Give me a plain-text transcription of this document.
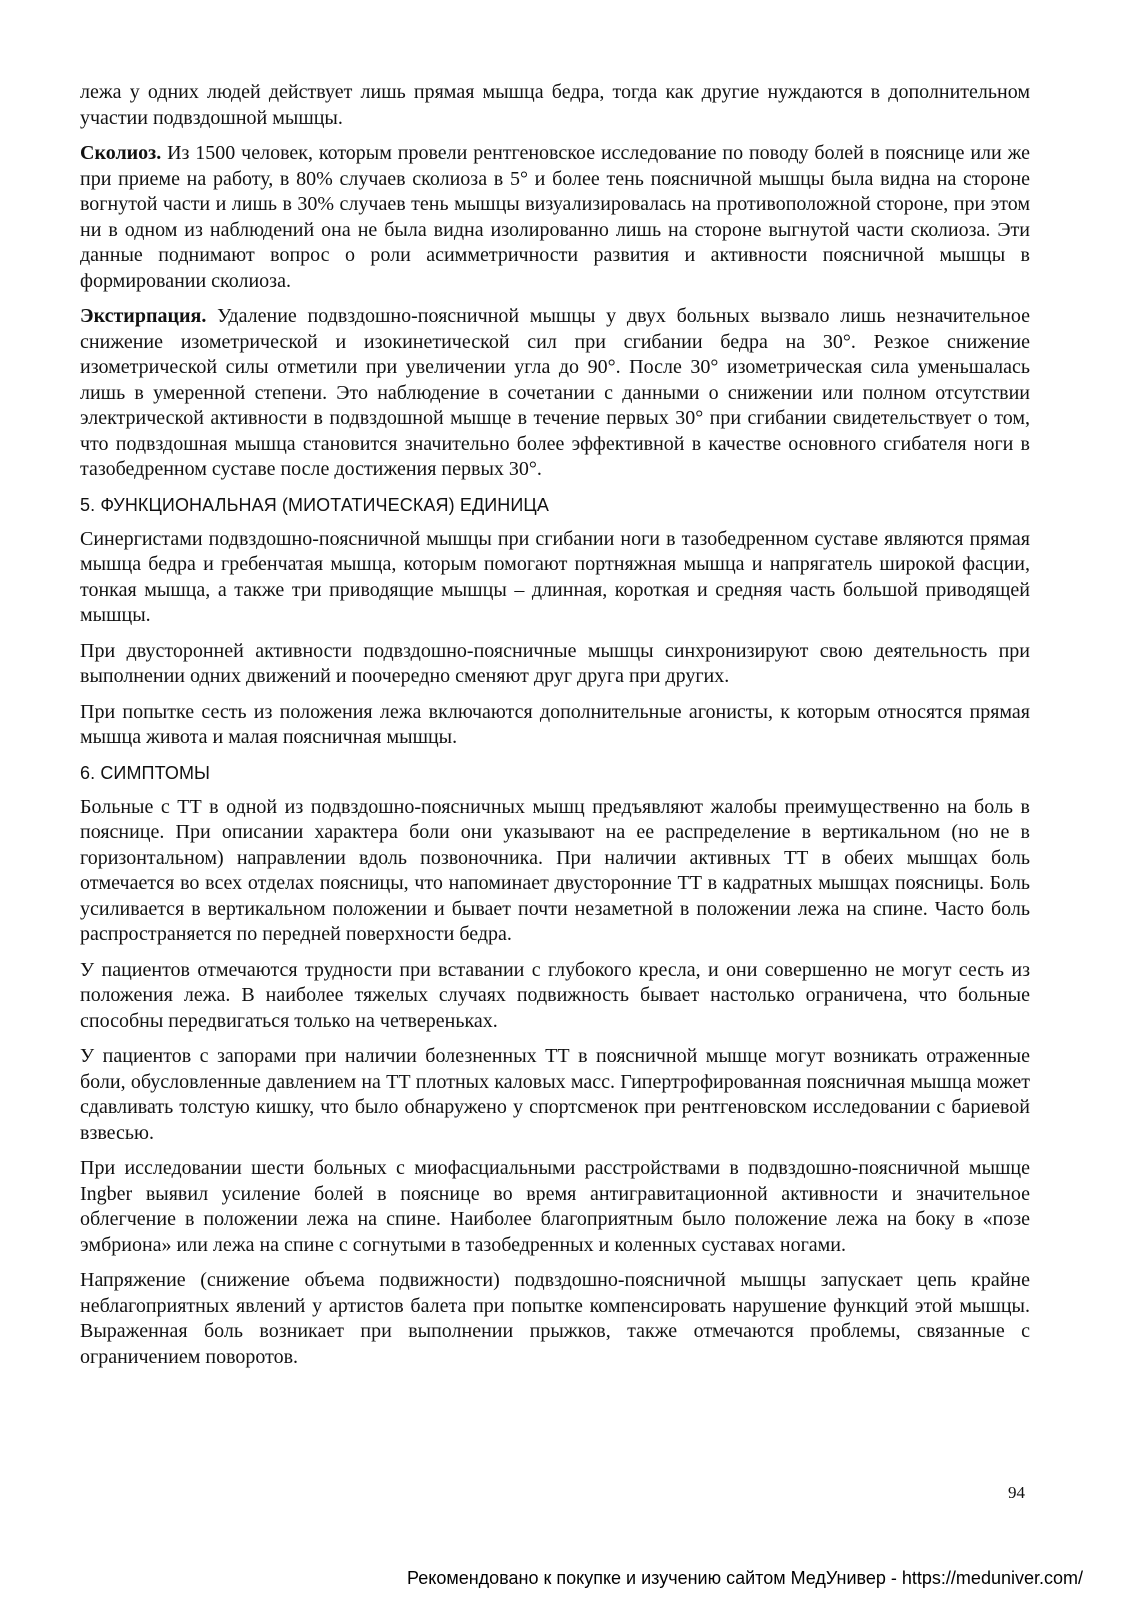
лежа у одних людей действует лишь прямая мышца бедра, тогда как другие нуждаются в дополнительном участии подвздошной мышцы.

Сколиоз. Из 1500 человек, которым провели рентгеновское исследование по поводу болей в пояснице или же при приеме на работу, в 80% случаев сколиоза в 5° и более тень поясничной мышцы была видна на стороне вогнутой части и лишь в 30% случаев тень мышцы визуализировалась на противоположной стороне, при этом ни в одном из наблюдений она не была видна изолированно лишь на стороне выгнутой части сколиоза. Эти данные поднимают вопрос о роли асимметричности развития и активности поясничной мышцы в формировании сколиоза.

Экстирпация. Удаление подвздошно-поясничной мышцы у двух больных вызвало лишь незначительное снижение изометрической и изокинетической сил при сгибании бедра на 30°. Резкое снижение изометрической силы отметили при увеличении угла до 90°. После 30° изометрическая сила уменьшалась лишь в умеренной степени. Это наблюдение в сочетании с данными о снижении или полном отсутствии электрической активности в подвздошной мышце в течение первых 30° при сгибании свидетельствует о том, что подвздошная мышца становится значительно более эффективной в качестве основного сгибателя ноги в тазобедренном суставе после достижения первых 30°.

5. ФУНКЦИОНАЛЬНАЯ (МИОТАТИЧЕСКАЯ) ЕДИНИЦА

Синергистами подвздошно-поясничной мышцы при сгибании ноги в тазобедренном суставе являются прямая мышца бедра и гребенчатая мышца, которым помогают портняжная мышца и напрягатель широкой фасции, тонкая мышца, а также три приводящие мышцы – длинная, короткая и средняя часть большой приводящей мышцы.

При двусторонней активности подвздошно-поясничные мышцы синхронизируют свою деятельность при выполнении одних движений и поочередно сменяют друг друга при других.

При попытке сесть из положения лежа включаются дополнительные агонисты, к которым относятся прямая мышца живота и малая поясничная мышцы.

6. СИМПТОМЫ

Больные с ТТ в одной из подвздошно-поясничных мышц предъявляют жалобы преимущественно на боль в пояснице. При описании характера боли они указывают на ее распределение в вертикальном (но не в горизонтальном) направлении вдоль позвоночника. При наличии активных ТТ в обеих мышцах боль отмечается во всех отделах поясницы, что напоминает двусторонние ТТ в кадратных мышцах поясницы. Боль усиливается в вертикальном положении и бывает почти незаметной в положении лежа на спине. Часто боль распространяется по передней поверхности бедра.

У пациентов отмечаются трудности при вставании с глубокого кресла, и они совершенно не могут сесть из положения лежа. В наиболее тяжелых случаях подвижность бывает настолько ограничена, что больные способны передвигаться только на четвереньках.

У пациентов с запорами при наличии болезненных ТТ в поясничной мышце могут возникать отраженные боли, обусловленные давлением на ТТ плотных каловых масс. Гипертрофированная поясничная мышца может сдавливать толстую кишку, что было обнаружено у спортсменок при рентгеновском исследовании с бариевой взвесью.

При исследовании шести больных с миофасциальными расстройствами в подвздошно-поясничной мышце Ingber выявил усиление болей в пояснице во время антигравитационной активности и значительное облегчение в положении лежа на спине. Наиболее благоприятным было положение лежа на боку в «позе эмбриона» или лежа на спине с согнутыми в тазобедренных и коленных суставах ногами.

Напряжение (снижение объема подвижности) подвздошно-поясничной мышцы запускает цепь крайне неблагоприятных явлений у артистов балета при попытке компенсировать нарушение функций этой мышцы. Выраженная боль возникает при выполнении прыжков, также отмечаются проблемы, связанные с ограничением поворотов.

94
Рекомендовано к покупке и изучению сайтом МедУнивер - https://meduniver.com/
